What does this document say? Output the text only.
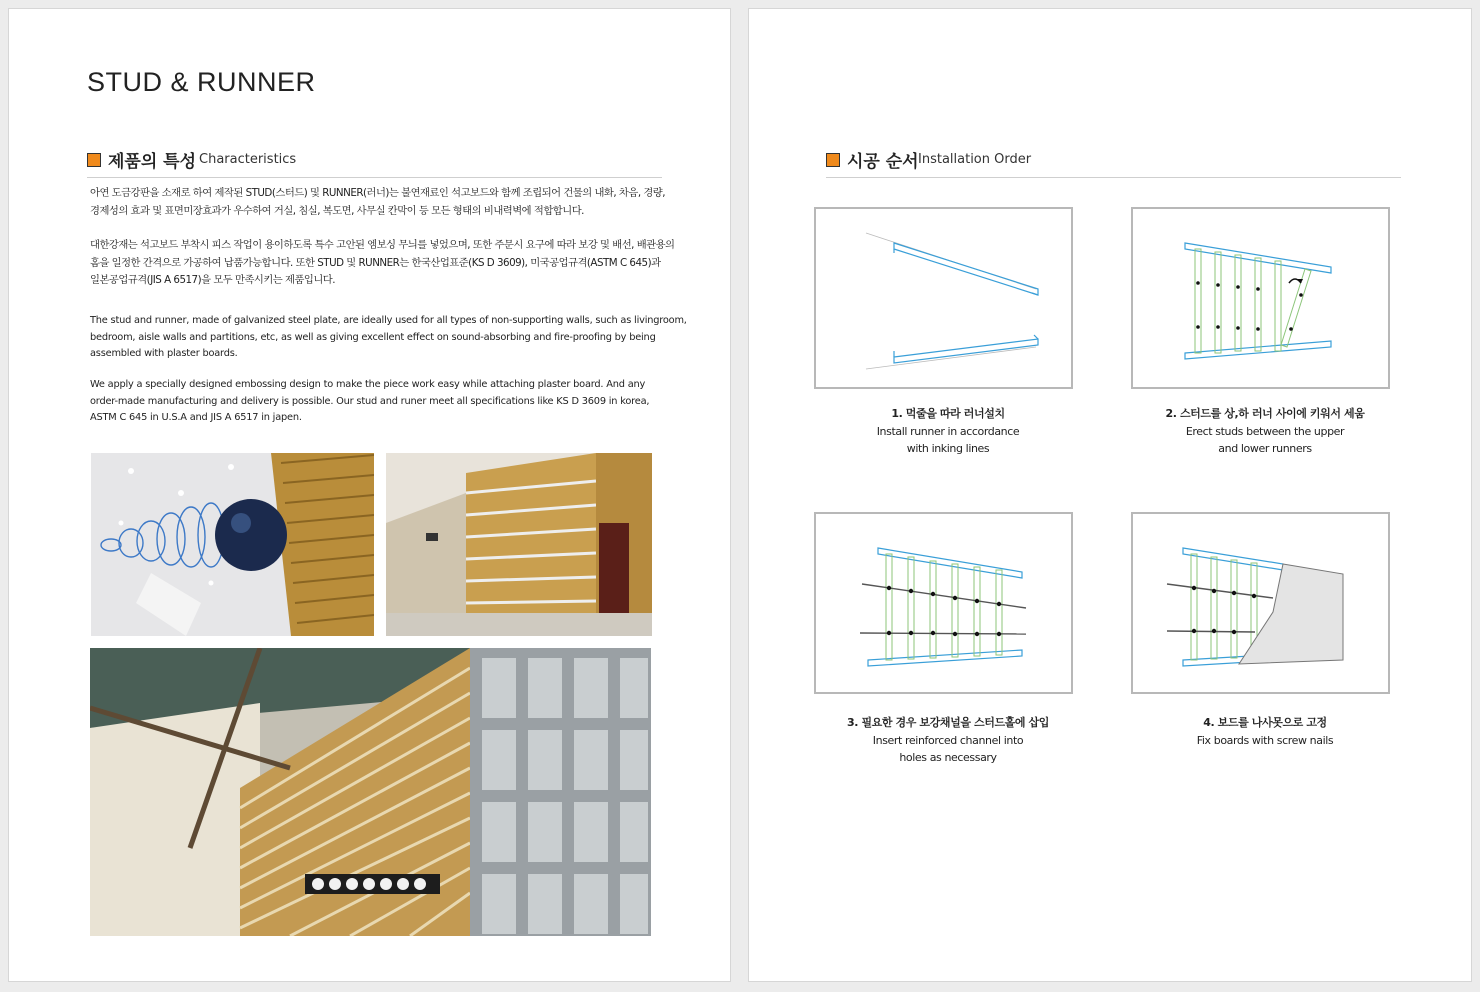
STUD & RUNNER
제품의 특성 Characteristics

아연 도금강판을 소재로 하여 제작된 STUD(스터드) 및 RUNNER(러너)는 불연재료인 석고보드와 함께 조립되어 건물의 내화, 차음, 경량,
경제성의 효과 및 표면미장효과가 우수하여 거실, 침실, 복도면, 사무실 칸막이 등 모든 형태의 비내력벽에 적합합니다.

대한강재는 석고보드 부착시 피스 작업이 용이하도록 특수 고안된 엠보싱 무늬를 넣었으며, 또한 주문시 요구에 따라 보강 및 배선, 배관용의
홈을 일정한 간격으로 가공하여 납품가능합니다. 또한 STUD 및 RUNNER는 한국산업표준(KS D 3609), 미국공업규격(ASTM C 645)과
일본공업규격(JIS A 6517)을 모두 만족시키는 제품입니다.

The stud and runner, made of galvanized steel plate, are ideally used for all types of non-supporting walls, such as livingroom,
bedroom, aisle walls and partitions, etc, as well as giving excellent effect on sound-absorbing and fire-proofing by being
assembled with plaster boards.

We apply a specially designed embossing design to make the piece work easy while attaching plaster board. And any
order-made manufacturing and delivery is possible. Our stud and runer meet all specifications like KS D 3609 in korea,
ASTM C 645 in U.S.A and JIS A 6517 in japen.

시공 순서 Installation Order
1. 먹줄을 따라 러너설치
Install runner in accordance
with inking lines
2. 스터드를 상,하 러너 사이에 키워서 세움
Erect studs between the upper
and lower runners
3. 필요한 경우 보강채널을 스터드홀에 삽입
Insert reinforced channel into
holes as necessary
4. 보드를 나사못으로 고정
Fix boards with screw nails
